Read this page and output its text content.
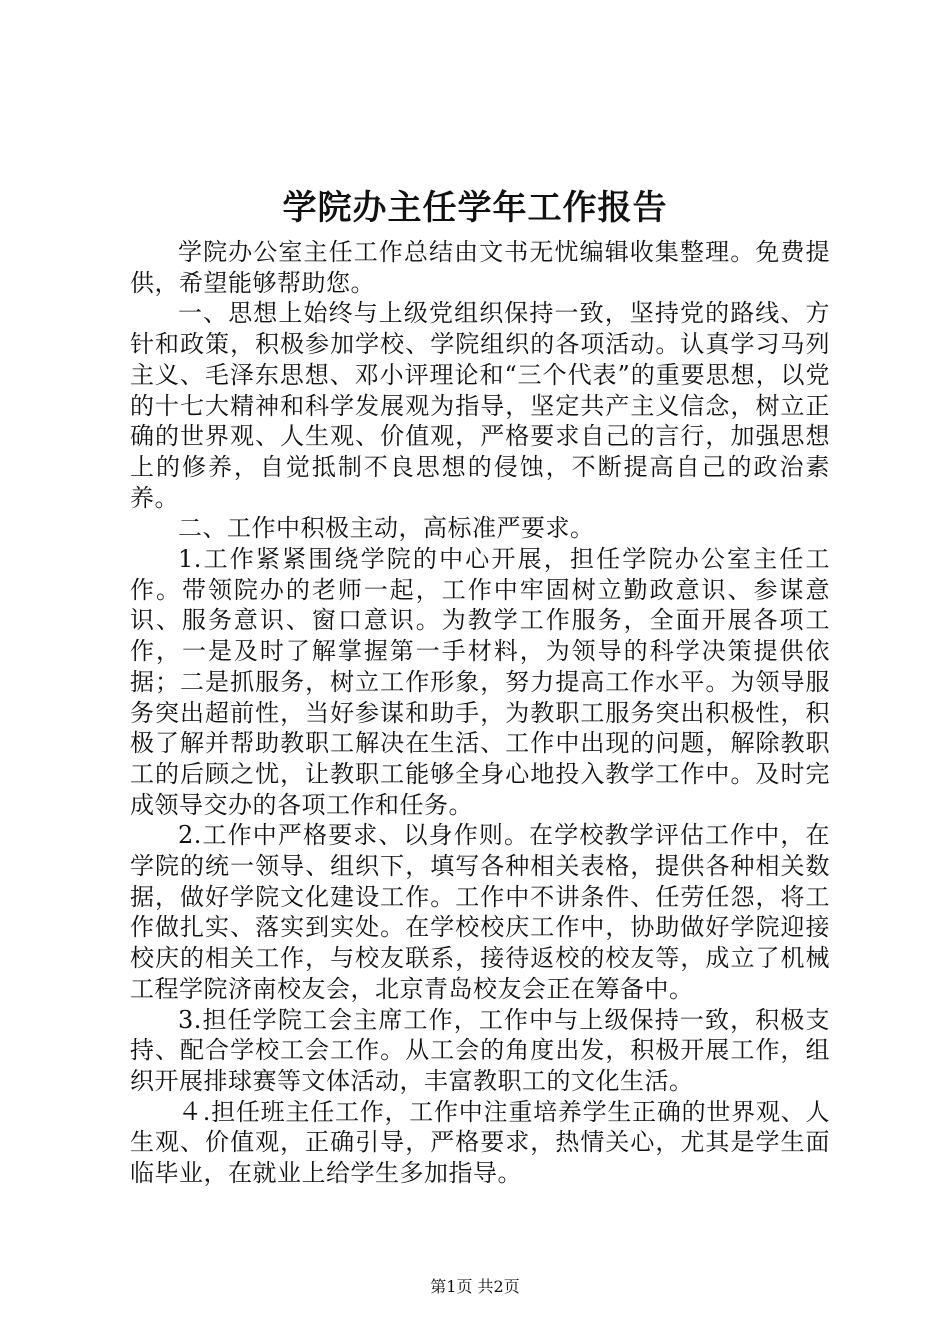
学院办主任学年工作报告

学院办公室主任工作总结由文书无忧编辑收集整理。免费提供，希望能够帮助您。

一、思想上始终与上级党组织保持一致，坚持党的路线、方针和政策，积极参加学校、学院组织的各项活动。认真学习马列主义、毛泽东思想、邓小评理论和“三个代表”的重要思想，以党的十七大精神和科学发展观为指导，坚定共产主义信念，树立正确的世界观、人生观、价值观，严格要求自己的言行，加强思想上的修养，自觉抵制不良思想的侵蚀，不断提高自己的政治素养。

二、工作中积极主动，高标准严要求。

1.工作紧紧围绕学院的中心开展，担任学院办公室主任工作。带领院办的老师一起，工作中牢固树立勤政意识、参谋意识、服务意识、窗口意识。为教学工作服务，全面开展各项工作，一是及时了解掌握第一手材料，为领导的科学决策提供依据；二是抓服务，树立工作形象，努力提高工作水平。为领导服务突出超前性，当好参谋和助手，为教职工服务突出积极性，积极了解并帮助教职工解决在生活、工作中出现的问题，解除教职工的后顾之忧，让教职工能够全身心地投入教学工作中。及时完成领导交办的各项工作和任务。

2.工作中严格要求、以身作则。在学校教学评估工作中，在学院的统一领导、组织下，填写各种相关表格，提供各种相关数据，做好学院文化建设工作。工作中不讲条件、任劳任怨，将工作做扎实、落实到实处。在学校校庆工作中，协助做好学院迎接校庆的相关工作，与校友联系，接待返校的校友等，成立了机械工程学院济南校友会，北京青岛校友会正在筹备中。

3.担任学院工会主席工作，工作中与上级保持一致，积极支持、配合学校工会工作。从工会的角度出发，积极开展工作，组织开展排球赛等文体活动，丰富教职工的文化生活。

４.担任班主任工作，工作中注重培养学生正确的世界观、人生观、价值观，正确引导，严格要求，热情关心，尤其是学生面临毕业，在就业上给学生多加指导。

第1页 共2页
